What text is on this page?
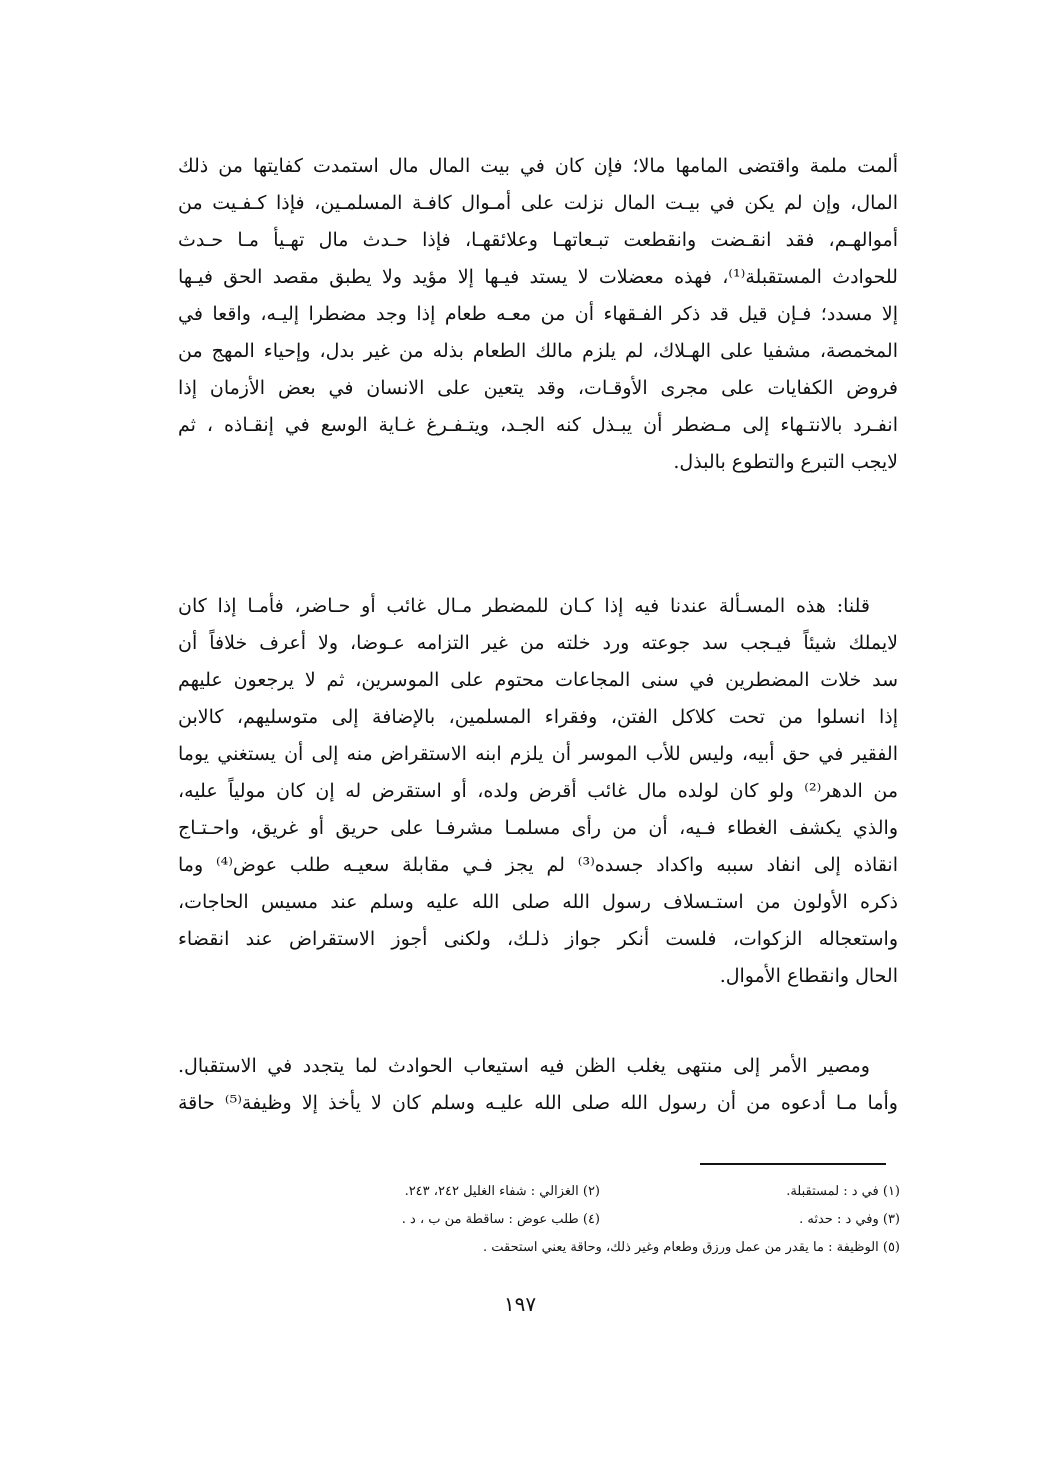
ألمت ملمة واقتضى المامها مالا؛ فإن كان في بيت المال مال استمدت كفايتها من ذلك
المال، وإن لم يكن في بيـت المال نزلت على أمـوال كافـة المسلمـين، فإذا كـفـيت من
أموالهـم، فقد انقـضت وانقطعت تبـعاتهـا وعلائقهـا، فإذا حـدث مال تهـيأ مـا حـدث
للحوادث المستقبلة⁽¹⁾، فهذه معضلات لا يستد فيـها إلا مؤيد ولا يطبق مقصد الحق فيـها
إلا مسدد؛ فـإن قيل قد ذكر الفـقهاء أن من معـه طعام إذا وجد مضطرا إليـه، واقعا في
المخمصة، مشفيا على الهـلاك، لم يلزم مالك الطعام بذله من غير بدل، وإحياء المهج من
فروض الكفايات على مجرى الأوقـات، وقد يتعين على الانسان في بعض الأزمان إذا
انفـرد بالانتـهاء إلى مـضطر أن يبـذل كنه الجـد، ويتـفـرغ غـاية الوسع في إنقـاذه ، ثم
لايجب التبرع والتطوع بالبذل.
قلنا: هذه المسـألة عندنا فيه إذا كـان للمضطر مـال غائب أو حـاضر، فأمـا إذا كان
لايملك شيئاً فيـجب سد جوعته ورد خلته من غير التزامه عـوضا، ولا أعرف خلافاً أن
سد خلات المضطرين في سنى المجاعات محتوم على الموسرين، ثم لا يرجعون عليهم
إذا انسلوا من تحت كلاكل الفتن، وفقراء المسلمين، بالإضافة إلى متوسليهم، كالابن
الفقير في حق أبيه، وليس للأب الموسر أن يلزم ابنه الاستقراض منه إلى أن يستغني يوما
من الدهر⁽²⁾ ولو كان لولده مال غائب أقرض ولده، أو استقرض له إن كان مولياً عليه،
والذي يكشف الغطاء فـيه، أن من رأى مسلمـا مشرفـا على حريق أو غريق، واحـتـاج
انقاذه إلى انفاد سببه واكداد جسده⁽³⁾ لم يجز فـي مقابلة سعيـه طلب عوض⁽⁴⁾ وما
ذكره الأولون من استـسلاف رسول الله صلى الله عليه وسلم عند مسيس الحاجات،
واستعجاله الزكوات، فلست أنكر جواز ذلـك، ولكنى أجوز الاستقراض عند انقضاء
الحال وانقطاع الأموال.
ومصير الأمر إلى منتهى يغلب الظن فيه استيعاب الحوادث لما يتجدد في الاستقبال.
وأما مـا أدعوه من أن رسول الله صلى الله عليـه وسلم كان لا يأخذ إلا وظيفة⁽⁵⁾ حاقة
(١) في د : لمستقبلة.
(٢) الغزالي : شفاء الغليل ٢٤٢، ٢٤٣.
(٣) وفي د : حدثه .
(٤) طلب عوض : ساقطة من ب ، د .
(٥) الوظيفة : ما يقدر من عمل ورزق وطعام وغير ذلك، وحاقة يعني استحقت .
١٩٧
